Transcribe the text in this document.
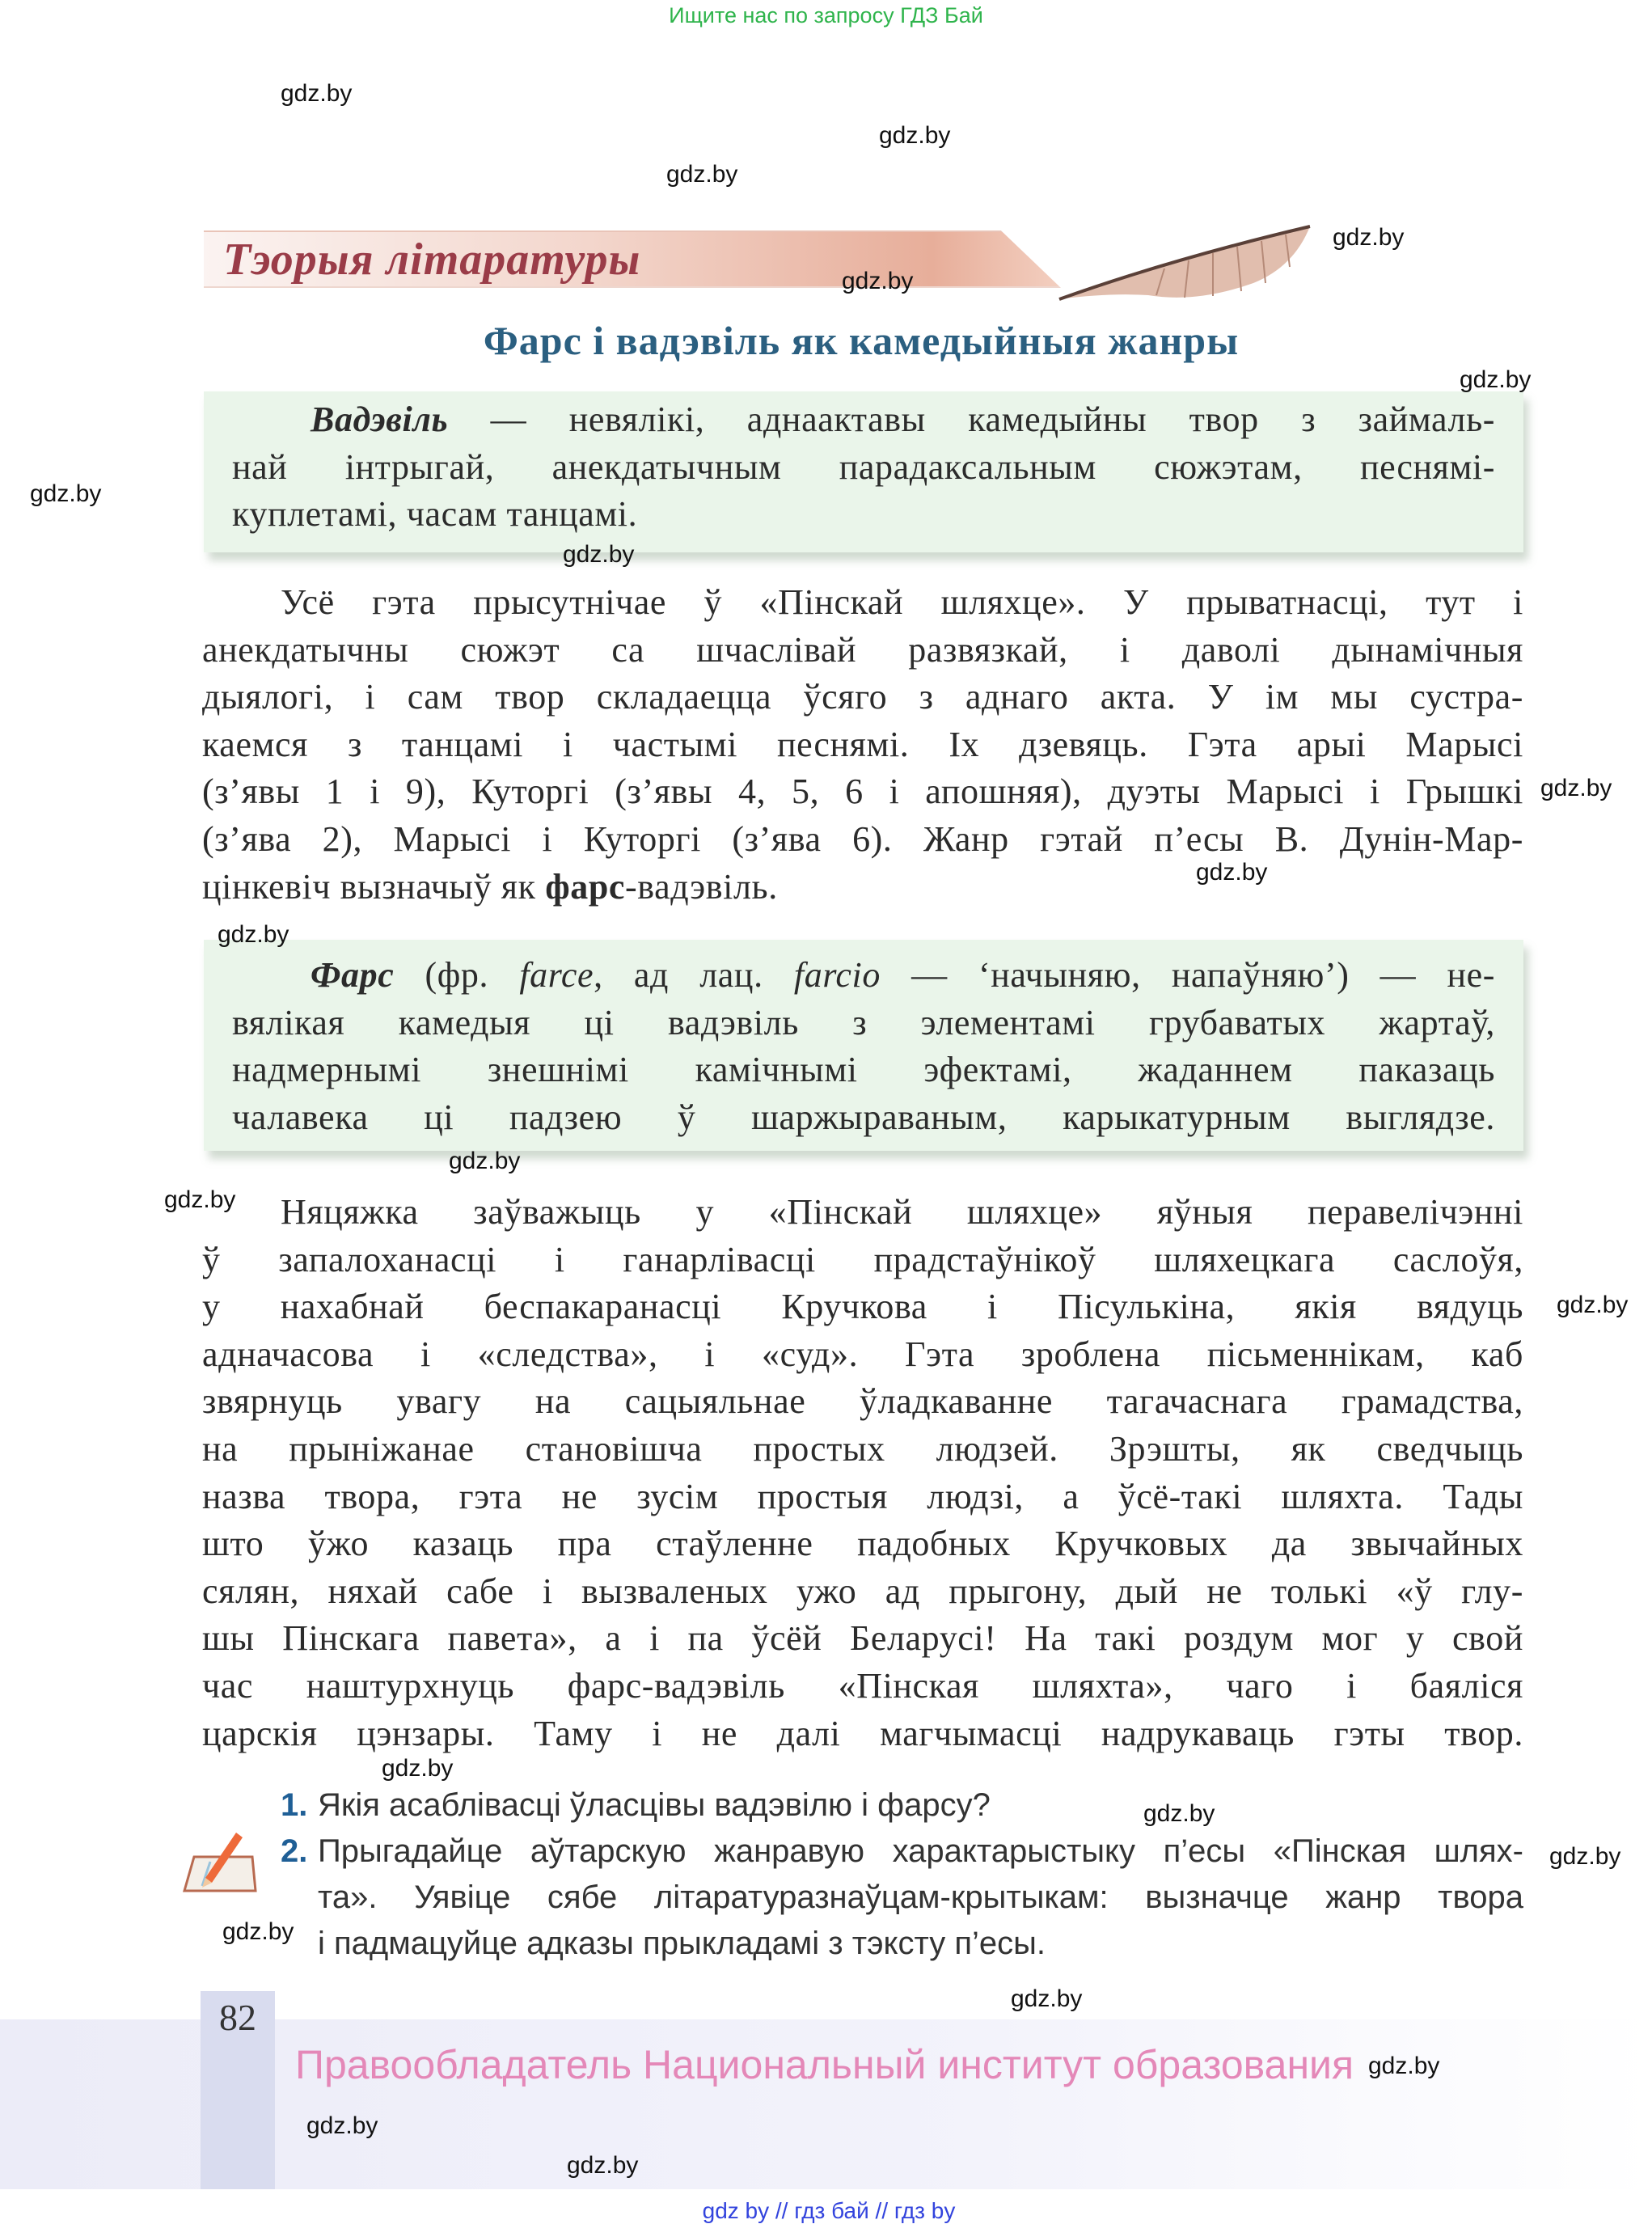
Ищите нас по запросу ГДЗ Бай
Тэорыя літаратуры
Фарс і вадэвіль як камедыйныя жанры
Вадэвіль — невялікі, аднаактавы камедыйны твор з займаль-
най інтрыгай, анекдатычным парадаксальным сюжэтам, песнямі-
куплетамі, часам танцамі.
Усё гэта прысутнічае ў «Пінскай шляхце». У прыватнасці, тут і
анекдатычны сюжэт са шчаслівай развязкай, і даволі дынамічныя
дыялогі, і сам твор складаецца ўсяго з аднаго акта. У ім мы сустра-
каемся з танцамі і частымі песнямі. Іх дзевяць. Гэта арыі Марысі
(з’явы 1 і 9), Куторгі (з’явы 4, 5, 6 і апошняя), дуэты Марысі і Грышкі
(з’ява 2), Марысі і Куторгі (з’ява 6). Жанр гэтай п’есы В. Дунін-Мар-
цінкевіч вызначыў як фарс-вадэвіль.
Фарс (фр. farce, ад лац. farcio — ‘начыняю, напаўняю’) — не-
вялікая камедыя ці вадэвіль з элементамі грубаватых жартаў,
надмернымі знешнімі камічнымі эфектамі, жаданнем паказаць
чалавека ці падзею ў шаржыраваным, карыкатурным выглядзе.
Няцяжка заўважыць у «Пінскай шляхце» яўныя перавелічэнні
ў запалоханасці і ганарлівасці прадстаўнікоў шляхецкага саслоўя,
у нахабнай беспакаранасці Кручкова і Пісулькіна, якія вядуць
адначасова і «следства», і «суд». Гэта зроблена пісьменнікам, каб
звярнуць увагу на сацыяльнае ўладкаванне тагачаснага грамадства,
на прыніжанае становішча простых людзей. Зрэшты, як сведчыць
назва твора, гэта не зусім простыя людзі, а ўсё-такі шляхта. Тады
што ўжо казаць пра стаўленне падобных Кручковых да звычайных
сялян, няхай сабе і вызваленых ужо ад прыгону, дый не толькі «ў глу-
шы Пінскага павета», а і па ўсёй Беларусі! На такі роздум мог у свой
час наштурхнуць фарс-вадэвіль «Пінская шляхта», чаго і баяліся
царскія цэнзары. Таму і не далі магчымасці надрукаваць гэты твор.
1. Якія асаблівасці ўласцівы вадэвілю і фарсу?
2. Прыгадайце аўтарскую жанравую характарыстыку п’есы «Пінская шлях-
та». Уявіце сябе літаратуразнаўцам-крытыкам: вызначце жанр твора
і падмацуйце адказы прыкладамі з тэксту п’есы.
82
Правообладатель Национальный институт образования
gdz by // гдз бай // гдз by
gdz.by
gdz.by
gdz.by
gdz.by
gdz.by
gdz.by
gdz.by
gdz.by
gdz.by
gdz.by
gdz.by
gdz.by
gdz.by
gdz.by
gdz.by
gdz.by
gdz.by
gdz.by
gdz.by
gdz.by
gdz.by
gdz.by
